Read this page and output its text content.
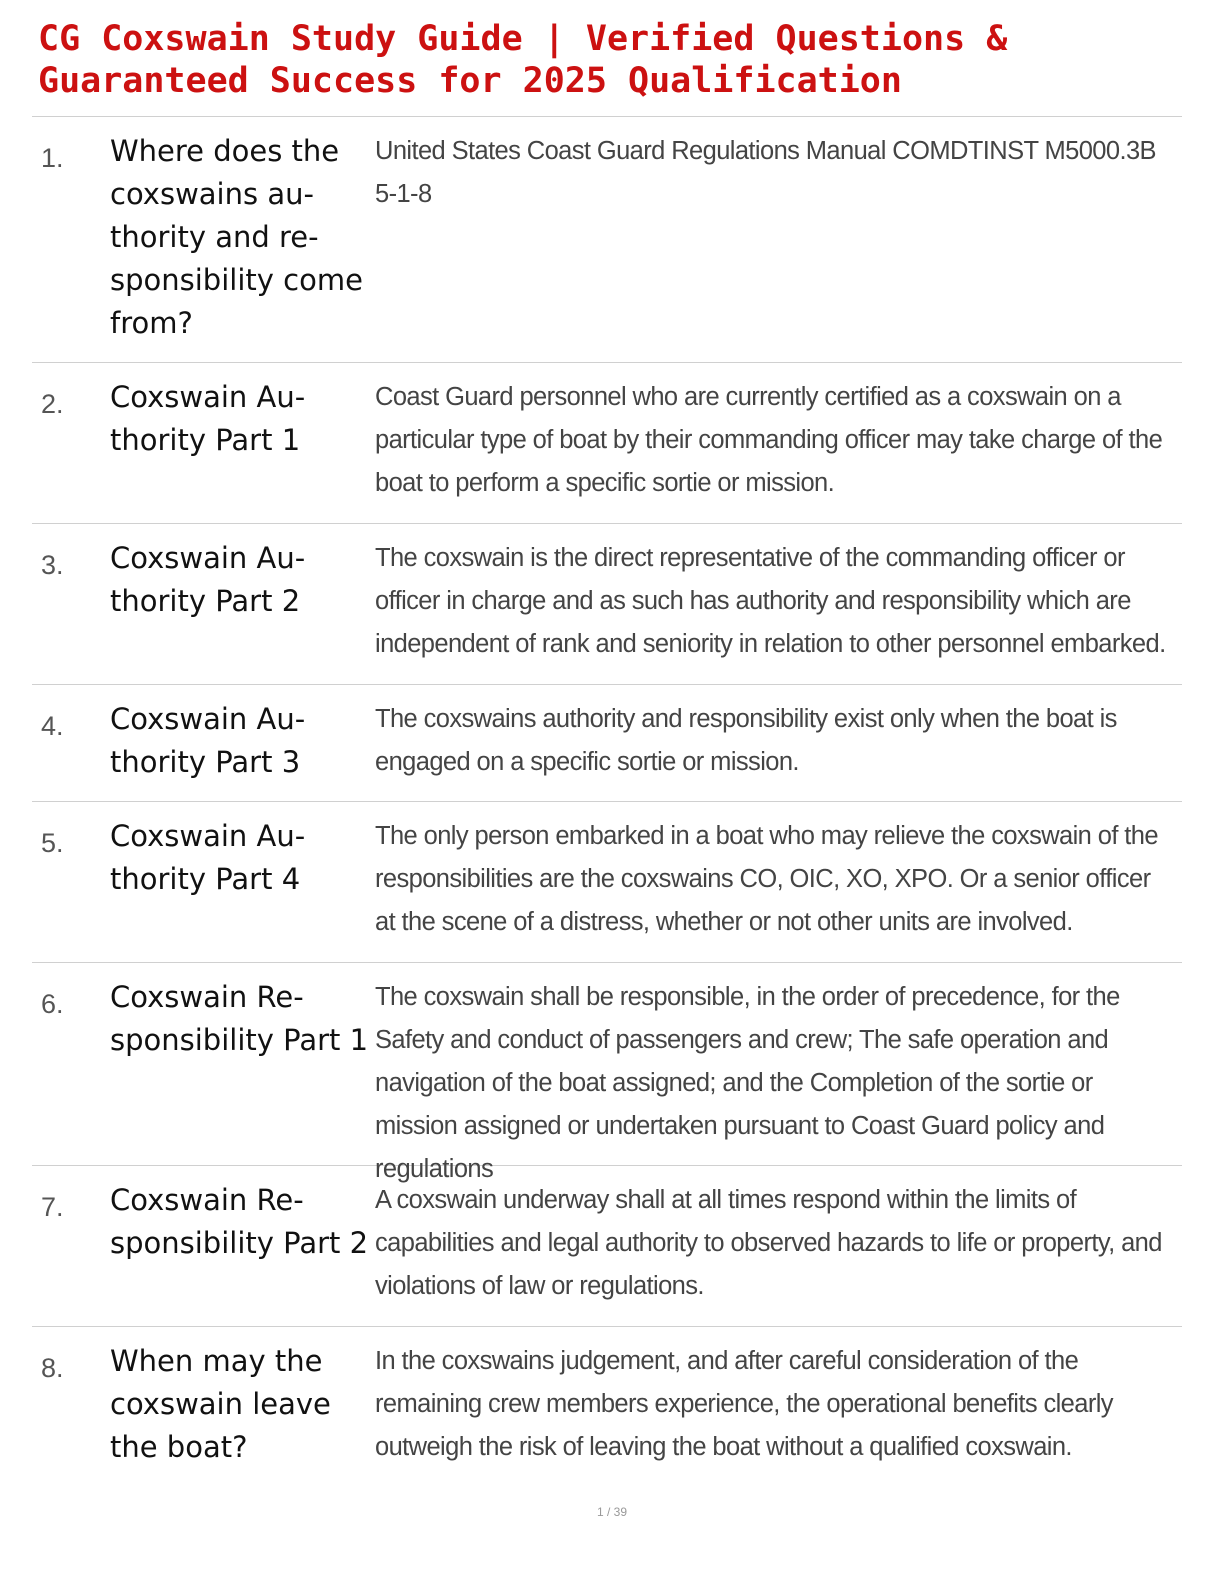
CG Coxswain Study Guide | Verified Questions & Guaranteed Success for 2025 Qualification
1. Where does the coxswains authority and responsibility come from?
United States Coast Guard Regulations Manual COMDTINST M5000.3B 5-1-8
2. Coxswain Authority Part 1
Coast Guard personnel who are currently certified as a coxswain on a particular type of boat by their commanding officer may take charge of the boat to perform a specific sortie or mission.
3. Coxswain Authority Part 2
The coxswain is the direct representative of the commanding officer or officer in charge and as such has authority and responsibility which are independent of rank and seniority in relation to other personnel embarked.
4. Coxswain Authority Part 3
The coxswains authority and responsibility exist only when the boat is engaged on a specific sortie or mission.
5. Coxswain Authority Part 4
The only person embarked in a boat who may relieve the coxswain of the responsibilities are the coxswains CO, OIC, XO, XPO. Or a senior officer at the scene of a distress, whether or not other units are involved.
6. Coxswain Responsibility Part 1
The coxswain shall be responsible, in the order of precedence, for the Safety and conduct of passengers and crew; The safe operation and navigation of the boat assigned; and the Completion of the sortie or mission assigned or undertaken pursuant to Coast Guard policy and regulations
7. Coxswain Responsibility Part 2
A coxswain underway shall at all times respond within the limits of capabilities and legal authority to observed hazards to life or property, and violations of law or regulations.
8. When may the coxswain leave the boat?
In the coxswains judgement, and after careful consideration of the remaining crew members experience, the operational benefits clearly outweigh the risk of leaving the boat without a qualified coxswain.
1 / 39
